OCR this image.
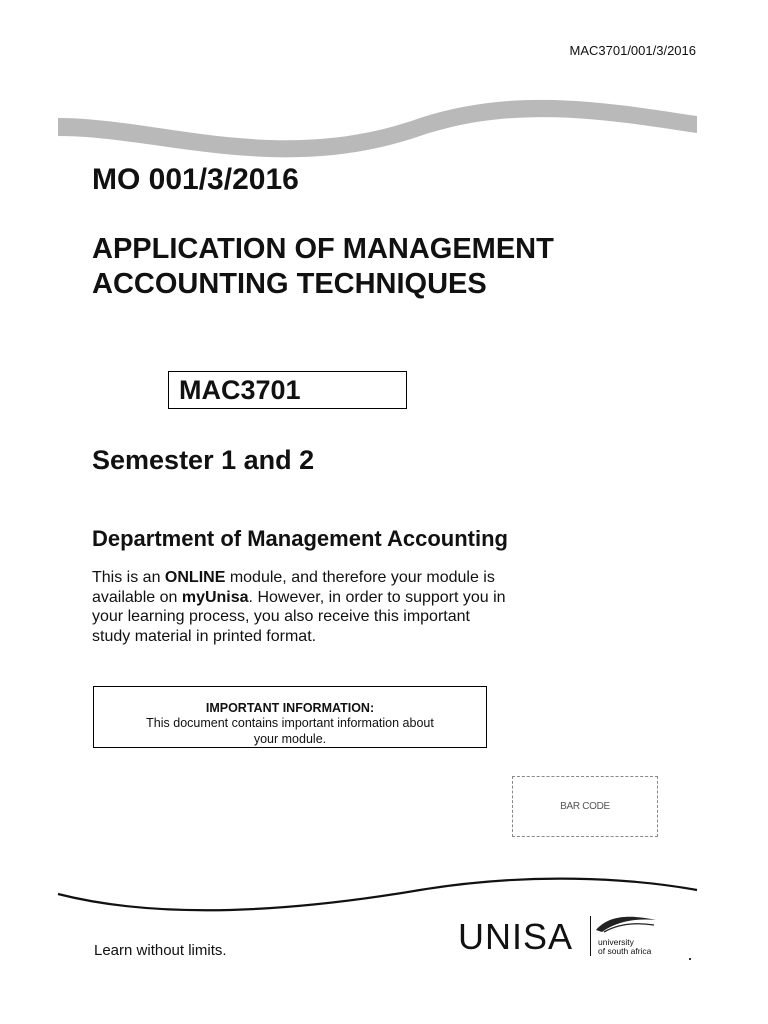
MAC3701/001/3/2016
MO 001/3/2016
APPLICATION OF MANAGEMENT
ACCOUNTING TECHNIQUES
MAC3701
Semester 1 and 2
Department of Management Accounting
This is an ONLINE module, and therefore your module is available on myUnisa. However, in order to support you in your learning process, you also receive this important study material in printed format.
IMPORTANT INFORMATION:
This document contains important information about your module.
BAR CODE
Learn without limits.	UNISA	university
of south africa
